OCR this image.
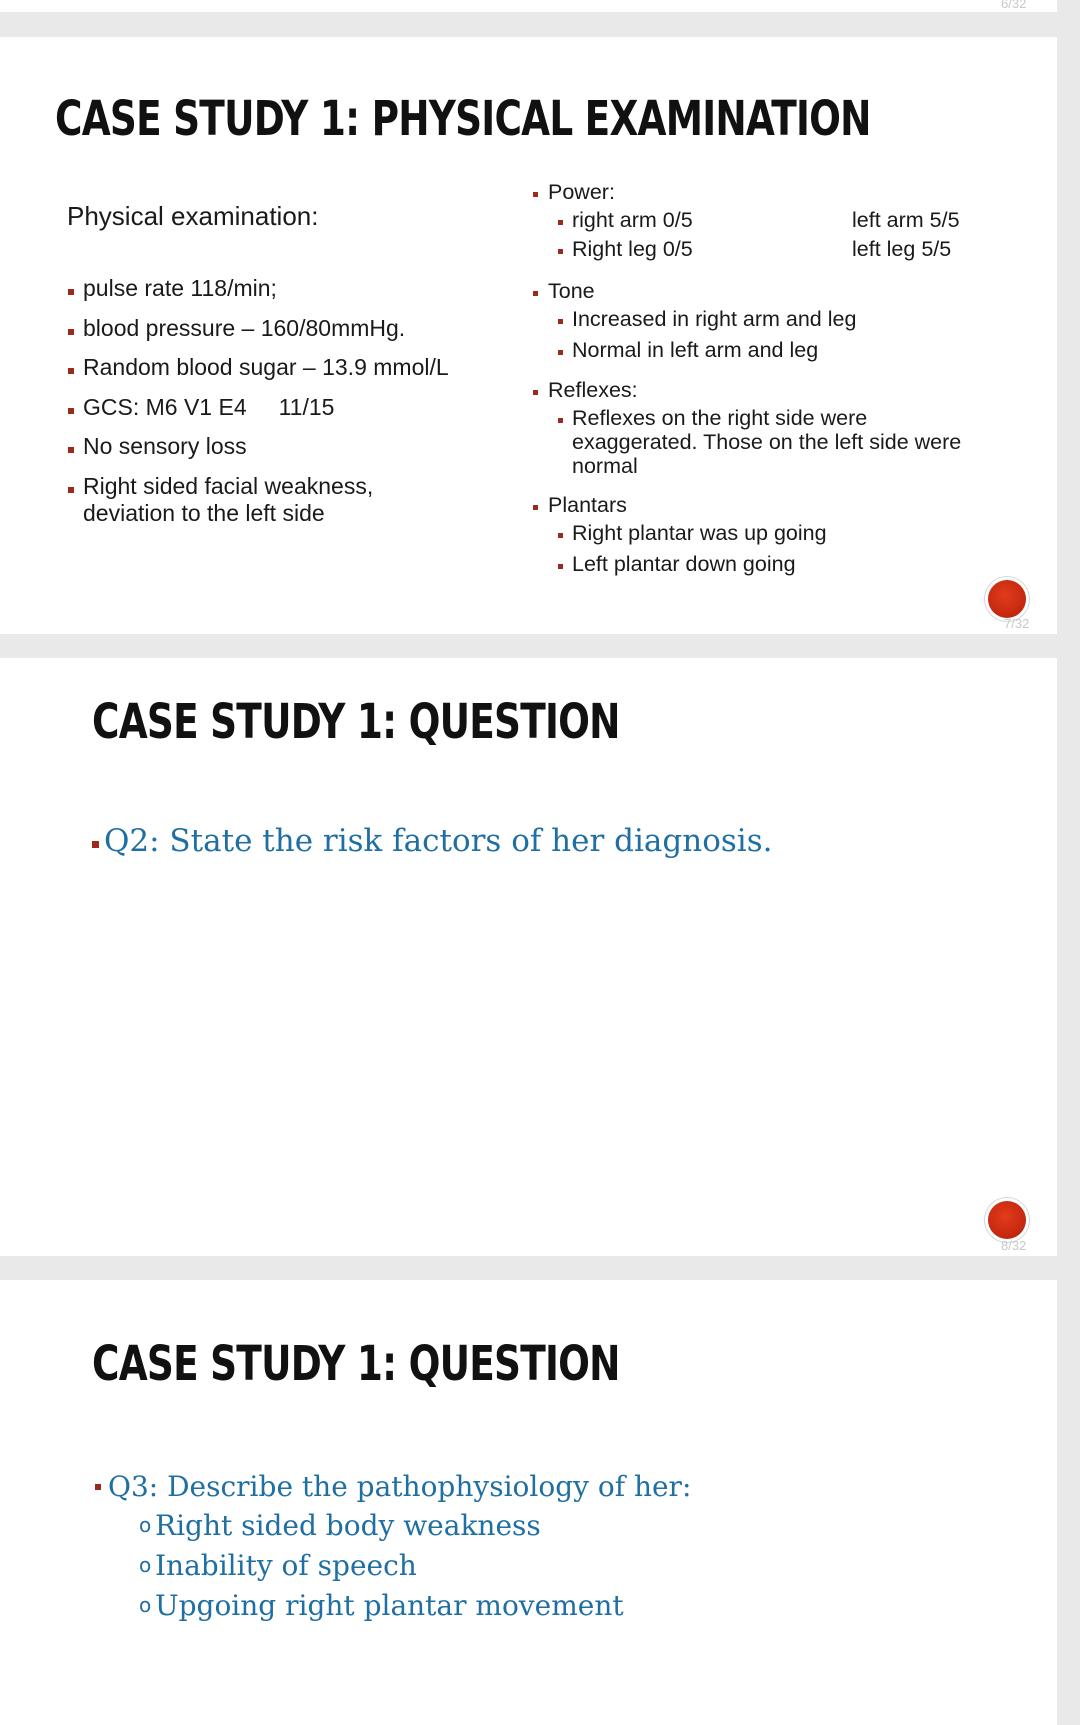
6/32
CASE STUDY 1: PHYSICAL EXAMINATION
Physical examination:
pulse rate 118/min;
blood pressure – 160/80mmHg.
Random blood sugar – 13.9 mmol/L
GCS: M6 V1 E4     11/15
No sensory loss
Right sided facial weakness,
deviation to the left side
Power:
right arm 0/5	left arm 5/5
Right leg 0/5	left leg 5/5
Tone
Increased in right arm and leg
Normal in left arm and leg
Reflexes:
Reflexes on the right side were
exaggerated. Those on the left side were
normal
Plantars
Right plantar was up going
Left plantar down going
7/32
CASE STUDY 1: QUESTION
Q2: State the risk factors of her diagnosis.
8/32
CASE STUDY 1: QUESTION
Q3: Describe the pathophysiology of her:
o Right sided body weakness
o Inability of speech
o Upgoing right plantar movement
